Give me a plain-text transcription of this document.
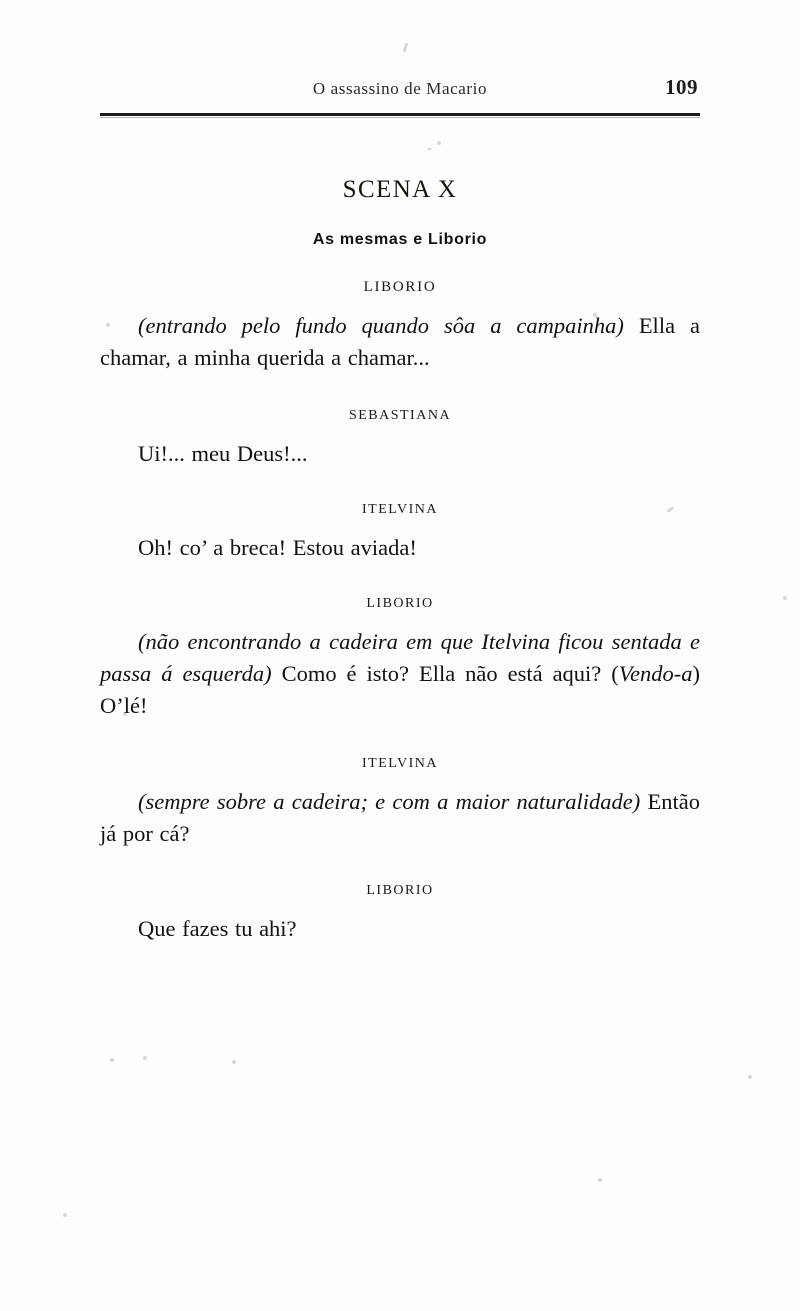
O assassino de Macario	109
SCENA X
As mesmas e Liborio
LIBORIO
(entrando pelo fundo quando sôa a campainha) Ella a chamar, a minha querida a chamar...
SEBASTIANA
Ui!... meu Deus!...
ITELVINA
Oh! co’ a breca! Estou aviada!
LIBORIO
(não encontrando a cadeira em que Itelvina ficou sentada e passa á esquerda) Como é isto? Ella não está aqui? (Vendo-a) O’lé!
ITELVINA
(sempre sobre a cadeira; e com a maior naturalidade) Então já por cá?
LIBORIO
Que fazes tu ahi?
